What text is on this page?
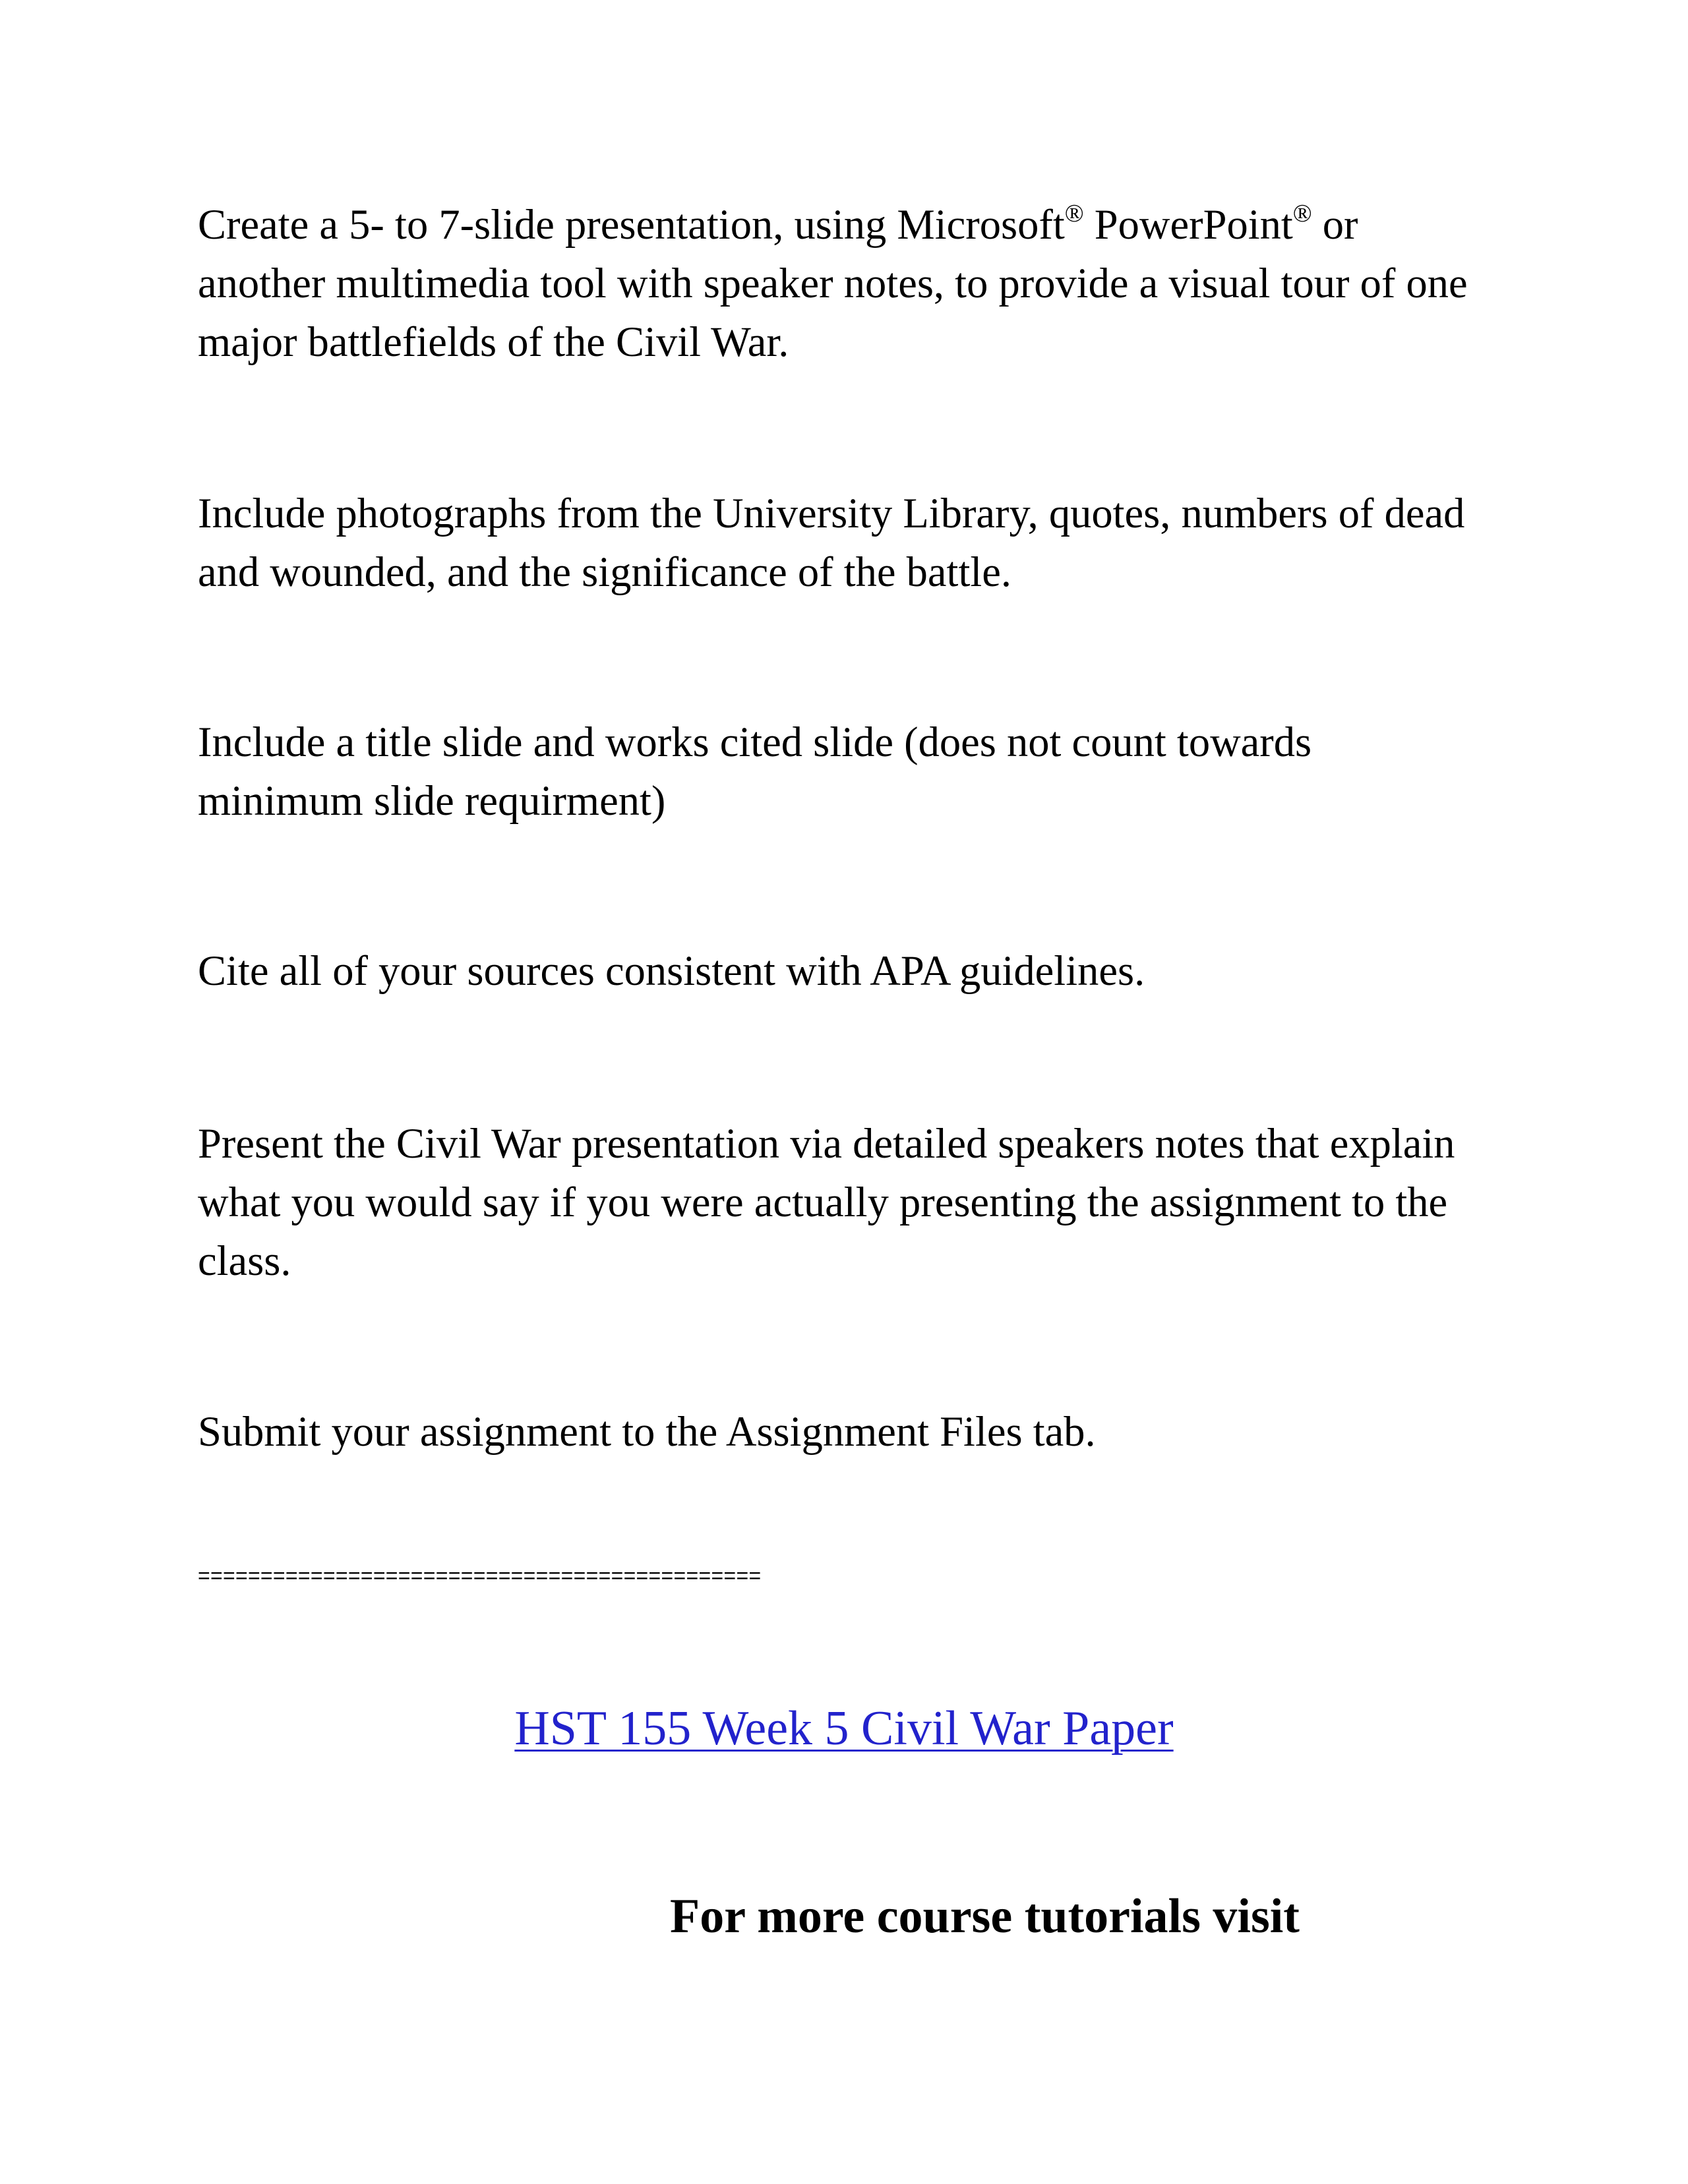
Create a 5- to 7-slide presentation, using Microsoft® PowerPoint® or another multimedia tool with speaker notes, to provide a visual tour of one major battlefields of the Civil War.

Include photographs from the University Library, quotes, numbers of dead and wounded, and the significance of the battle.

Include a title slide and works cited slide (does not count towards minimum slide requirment)

Cite all of your sources consistent with APA guidelines.

Present the Civil War presentation via detailed speakers notes that explain what you would say if you were actually presenting the assignment to the class.

Submit your assignment to the Assignment Files tab.

=============================================
HST 155 Week 5 Civil War Paper
For more course tutorials visit
